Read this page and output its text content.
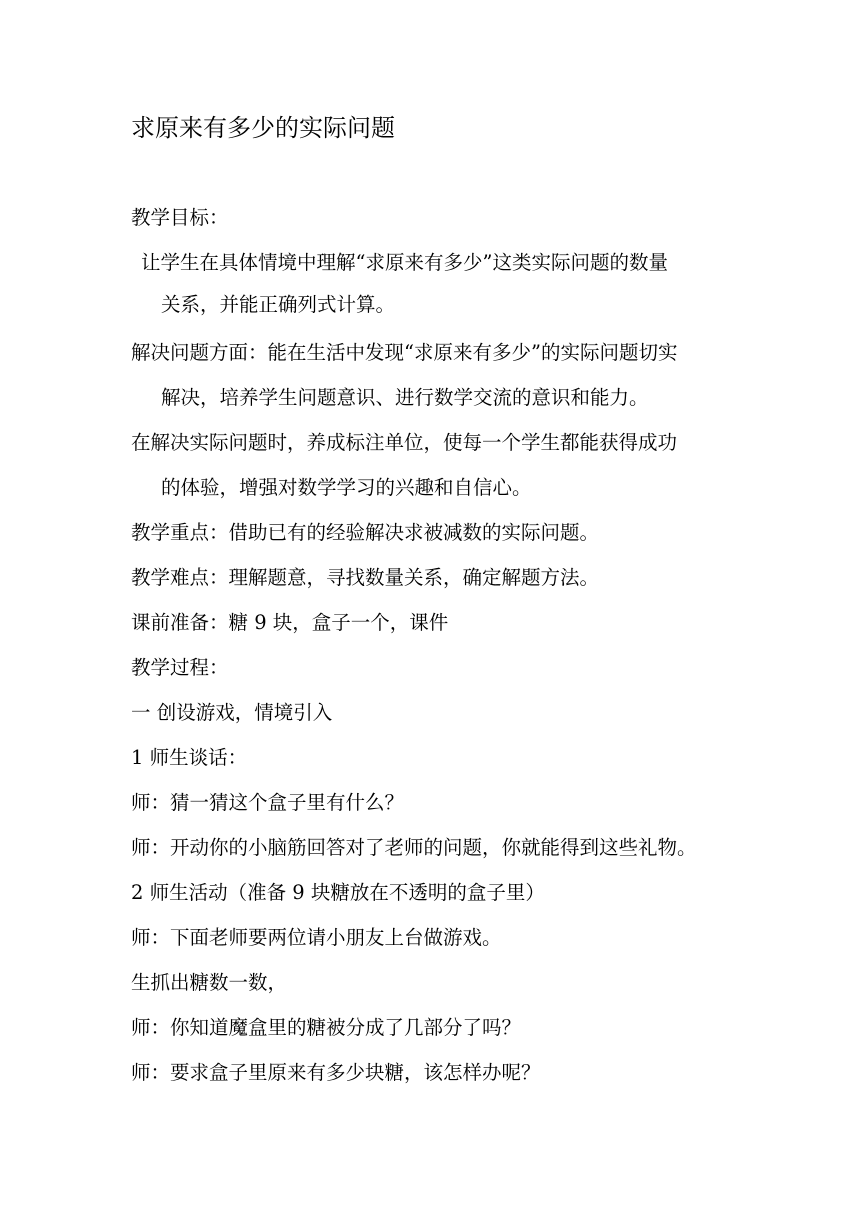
求原来有多少的实际问题
教学目标：
让学生在具体情境中理解“求原来有多少”这类实际问题的数量
关系，并能正确列式计算。
解决问题方面：能在生活中发现“求原来有多少”的实际问题切实
解决，培养学生问题意识、进行数学交流的意识和能力。
在解决实际问题时，养成标注单位，使每一个学生都能获得成功
的体验，增强对数学学习的兴趣和自信心。
教学重点：借助已有的经验解决求被减数的实际问题。
教学难点：理解题意，寻找数量关系，确定解题方法。
课前准备：糖 9 块，盒子一个，课件
教学过程：
一 创设游戏，情境引入
1 师生谈话：
师：猜一猜这个盒子里有什么？
师：开动你的小脑筋回答对了老师的问题，你就能得到这些礼物。
2 师生活动（准备 9 块糖放在不透明的盒子里）
师：下面老师要两位请小朋友上台做游戏。
生抓出糖数一数，
师：你知道魔盒里的糖被分成了几部分了吗？
师：要求盒子里原来有多少块糖，该怎样办呢？
